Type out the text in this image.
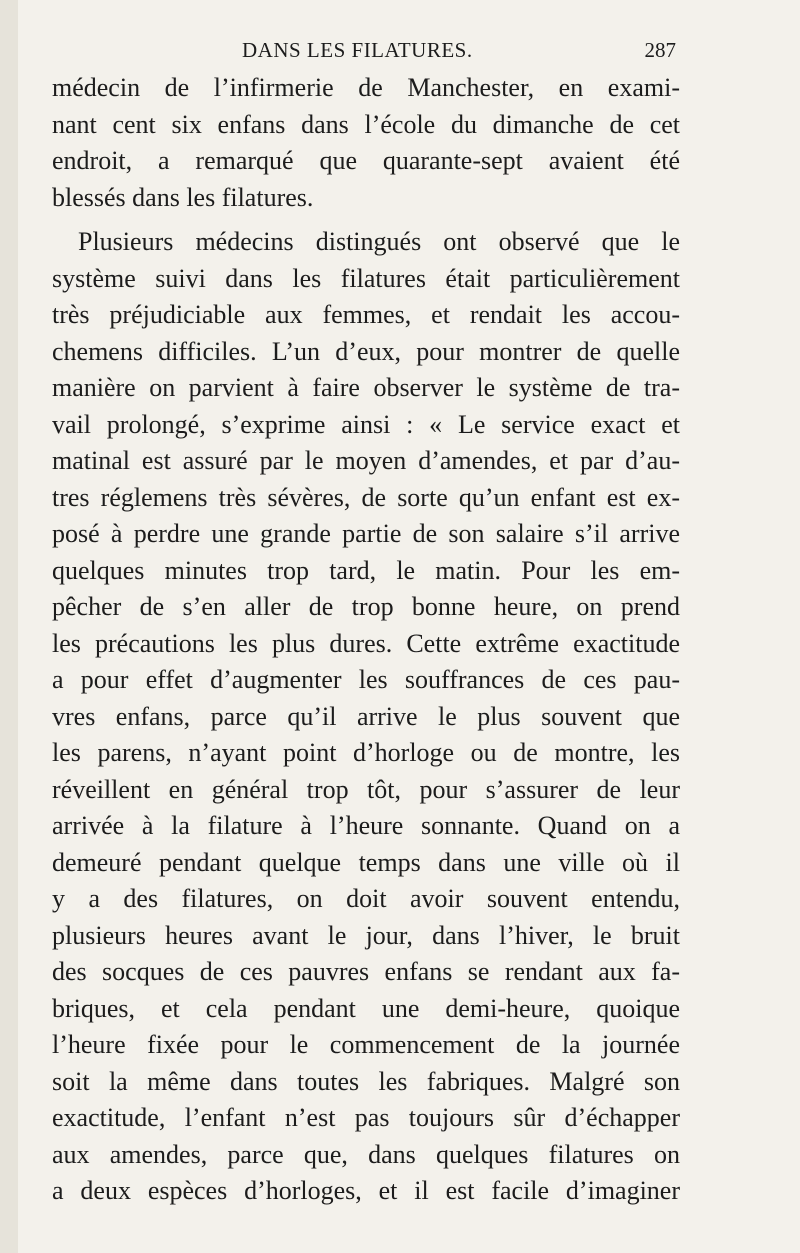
DANS LES FILATURES.	287
médecin de l’infirmerie de Manchester, en exami-
nant cent six enfans dans l’école du dimanche de cet
endroit, a remarqué que quarante-sept avaient été
blessés dans les filatures.
Plusieurs médecins distingués ont observé que le
système suivi dans les filatures était particulièrement
très préjudiciable aux femmes, et rendait les accou-
chemens difficiles. L’un d’eux, pour montrer de quelle
manière on parvient à faire observer le système de tra-
vail prolongé, s’exprime ainsi : « Le service exact et
matinal est assuré par le moyen d’amendes, et par d’au-
tres réglemens très sévères, de sorte qu’un enfant est ex-
posé à perdre une grande partie de son salaire s’il arrive
quelques minutes trop tard, le matin. Pour les em-
pêcher de s’en aller de trop bonne heure, on prend
les précautions les plus dures. Cette extrême exactitude
a pour effet d’augmenter les souffrances de ces pau-
vres enfans, parce qu’il arrive le plus souvent que
les parens, n’ayant point d’horloge ou de montre, les
réveillent en général trop tôt, pour s’assurer de leur
arrivée à la filature à l’heure sonnante. Quand on a
demeuré pendant quelque temps dans une ville où il
y a des filatures, on doit avoir souvent entendu,
plusieurs heures avant le jour, dans l’hiver, le bruit
des socques de ces pauvres enfans se rendant aux fa-
briques, et cela pendant une demi-heure, quoique
l’heure fixée pour le commencement de la journée
soit la même dans toutes les fabriques. Malgré son
exactitude, l’enfant n’est pas toujours sûr d’échapper
aux amendes, parce que, dans quelques filatures on
a deux espèces d’horloges, et il est facile d’imaginer
